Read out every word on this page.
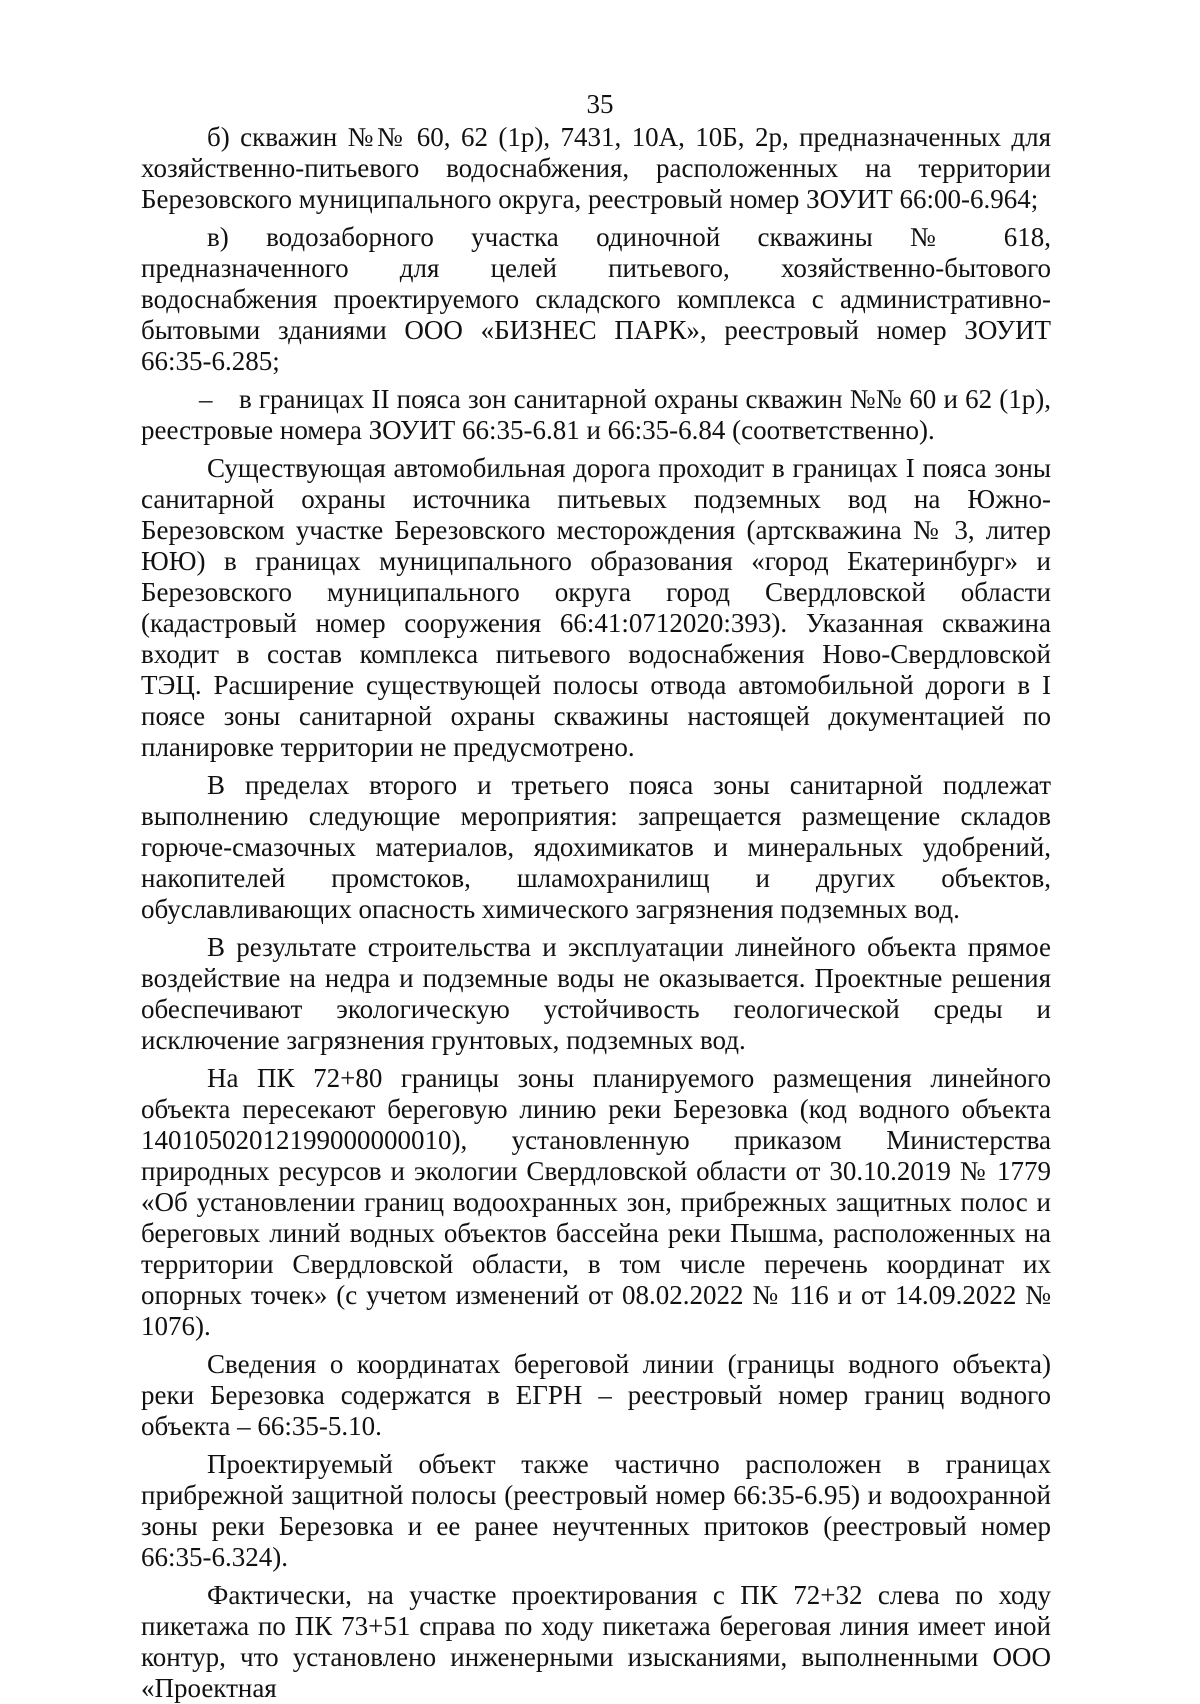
35

б) скважин №№ 60, 62 (1р), 7431, 10А, 10Б, 2р, предназначенных для хозяйственно-питьевого водоснабжения, расположенных на территории Березовского муниципального округа, реестровый номер ЗОУИТ 66:00-6.964;

в) водозаборного участка одиночной скважины № 618, предназначенного для целей питьевого, хозяйственно-бытового водоснабжения проектируемого складского комплекса с административно-бытовыми зданиями ООО «БИЗНЕС ПАРК», реестровый номер ЗОУИТ 66:35-6.285;

– в границах II пояса зон санитарной охраны скважин №№ 60 и 62 (1р), реестровые номера ЗОУИТ 66:35-6.81 и 66:35-6.84 (соответственно).

Существующая автомобильная дорога проходит в границах I пояса зоны санитарной охраны источника питьевых подземных вод на Южно-Березовском участке Березовского месторождения (артскважина № 3, литер ЮЮ) в границах муниципального образования «город Екатеринбург» и Березовского муниципального округа город Свердловской области (кадастровый номер сооружения 66:41:0712020:393). Указанная скважина входит в состав комплекса питьевого водоснабжения Ново-Свердловской ТЭЦ. Расширение существующей полосы отвода автомобильной дороги в I поясе зоны санитарной охраны скважины настоящей документацией по планировке территории не предусмотрено.

В пределах второго и третьего пояса зоны санитарной подлежат выполнению следующие мероприятия: запрещается размещение складов горюче-смазочных материалов, ядохимикатов и минеральных удобрений, накопителей промстоков, шламохранилищ и других объектов, обуславливающих опасность химического загрязнения подземных вод.

В результате строительства и эксплуатации линейного объекта прямое воздействие на недра и подземные воды не оказывается. Проектные решения обеспечивают экологическую устойчивость геологической среды и исключение загрязнения грунтовых, подземных вод.

На ПК 72+80 границы зоны планируемого размещения линейного объекта пересекают береговую линию реки Березовка (код водного объекта 14010502012199000000010), установленную приказом Министерства природных ресурсов и экологии Свердловской области от 30.10.2019 № 1779 «Об установлении границ водоохранных зон, прибрежных защитных полос и береговых линий водных объектов бассейна реки Пышма, расположенных на территории Свердловской области, в том числе перечень координат их опорных точек» (с учетом изменений от 08.02.2022 № 116 и от 14.09.2022 № 1076).

Сведения о координатах береговой линии (границы водного объекта) реки Березовка содержатся в ЕГРН – реестровый номер границ водного объекта – 66:35-5.10.

Проектируемый объект также частично расположен в границах прибрежной защитной полосы (реестровый номер 66:35-6.95) и водоохранной зоны реки Березовка и ее ранее неучтенных притоков (реестровый номер 66:35-6.324).

Фактически, на участке проектирования с ПК 72+32 слева по ходу пикетажа по ПК 73+51 справа по ходу пикетажа береговая линия имеет иной контур, что установлено инженерными изысканиями, выполненными ООО «Проектная
